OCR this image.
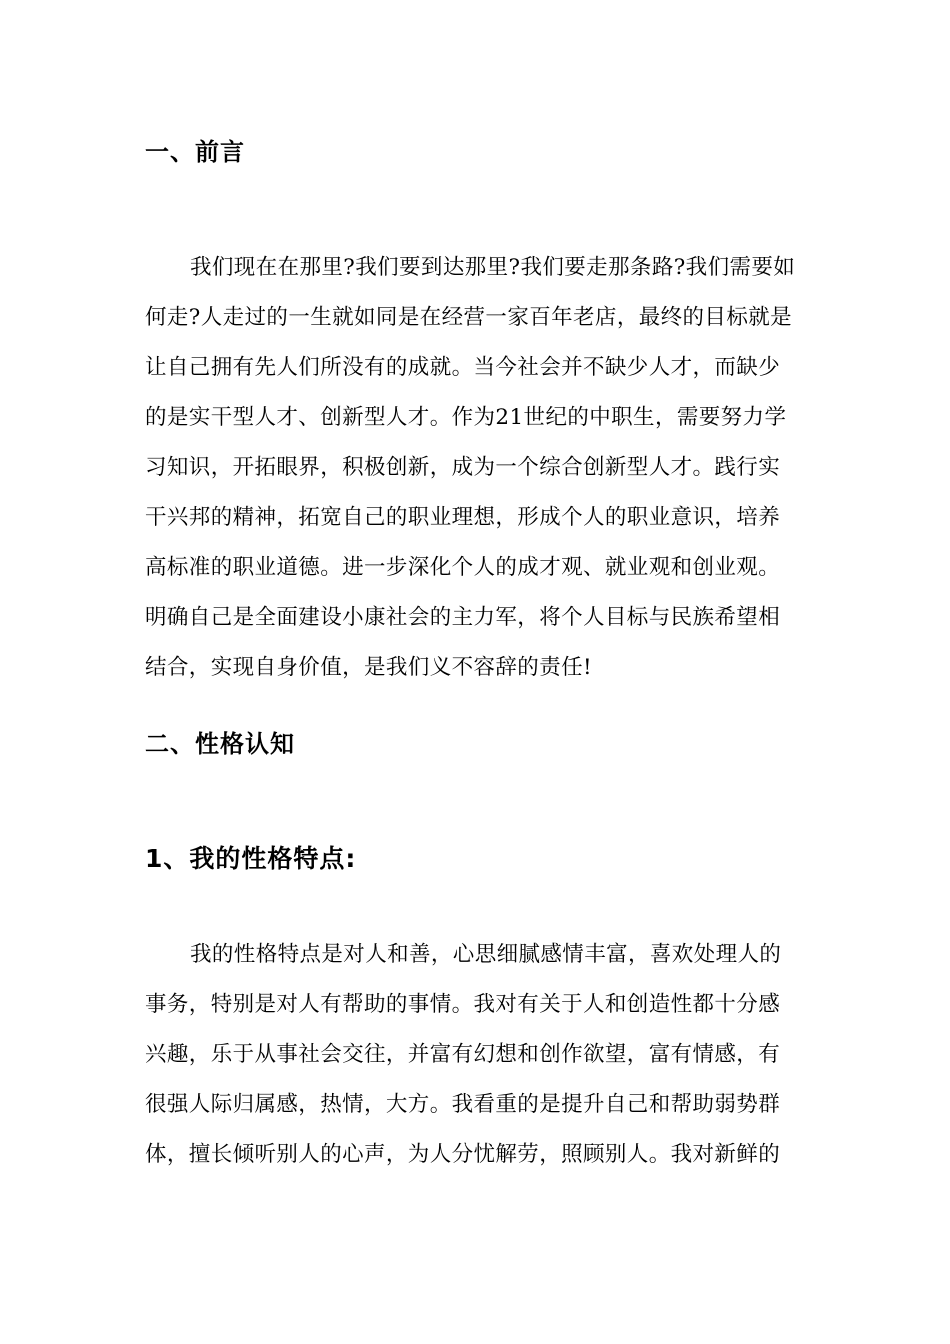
一、前言

我们现在在那里?我们要到达那里?我们要走那条路?我们需要如

何走?人走过的一生就如同是在经营一家百年老店，最终的目标就是

让自己拥有先人们所没有的成就。当今社会并不缺少人才，而缺少

的是实干型人才、创新型人才。作为21世纪的中职生，需要努力学

习知识，开拓眼界，积极创新，成为一个综合创新型人才。践行实

干兴邦的精神，拓宽自己的职业理想，形成个人的职业意识，培养

高标准的职业道德。进一步深化个人的成才观、就业观和创业观。

明确自己是全面建设小康社会的主力军，将个人目标与民族希望相

结合，实现自身价值，是我们义不容辞的责任!

二、性格认知
1、我的性格特点:

我的性格特点是对人和善，心思细腻感情丰富，喜欢处理人的

事务，特别是对人有帮助的事情。我对有关于人和创造性都十分感

兴趣，乐于从事社会交往，并富有幻想和创作欲望，富有情感，有

很强人际归属感，热情，大方。我看重的是提升自己和帮助弱势群

体，擅长倾听别人的心声，为人分忧解劳，照顾别人。我对新鲜的
